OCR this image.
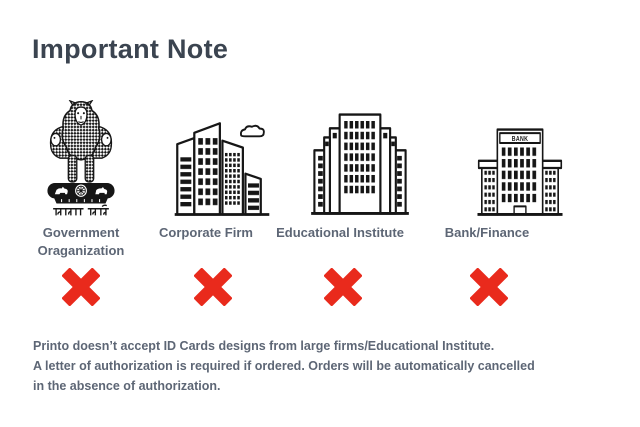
Important Note
Government Oraganization
Corporate Firm Educational Institute
BANK
Bank/Finance
Printo doesn’t accept ID Cards designs from large firms/Educational Institute.
A letter of authorization is required if ordered. Orders will be automatically cancelled
in the absence of authorization.
